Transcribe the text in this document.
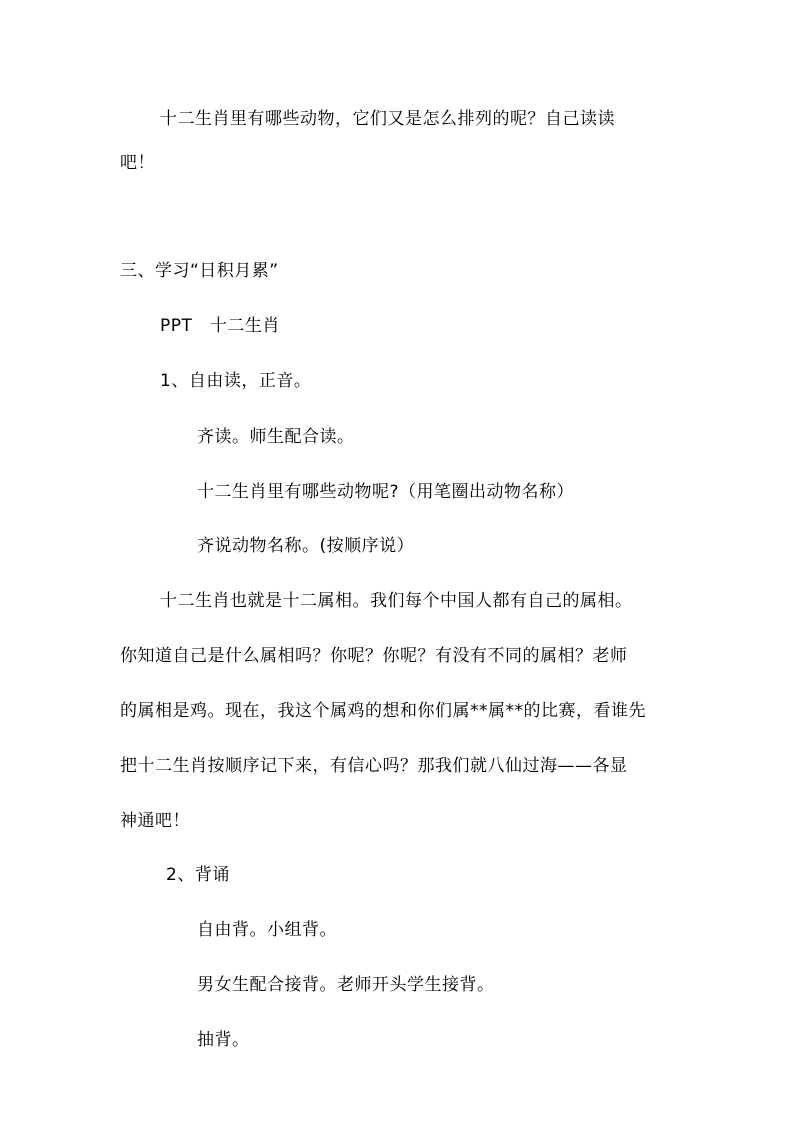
十二生肖里有哪些动物，它们又是怎么排列的呢？自己读读
吧！
三、学习“日积月累”
PPT　十二生肖
1、自由读，正音。
齐读。师生配合读。
十二生肖里有哪些动物呢?（用笔圈出动物名称）
齐说动物名称。(按顺序说）
十二生肖也就是十二属相。我们每个中国人都有自己的属相。
你知道自己是什么属相吗？你呢？你呢？有没有不同的属相？老师
的属相是鸡。现在，我这个属鸡的想和你们属**属**的比赛，看谁先
把十二生肖按顺序记下来，有信心吗？那我们就八仙过海——各显
神通吧！
2、背诵
自由背。小组背。
男女生配合接背。老师开头学生接背。
抽背。
